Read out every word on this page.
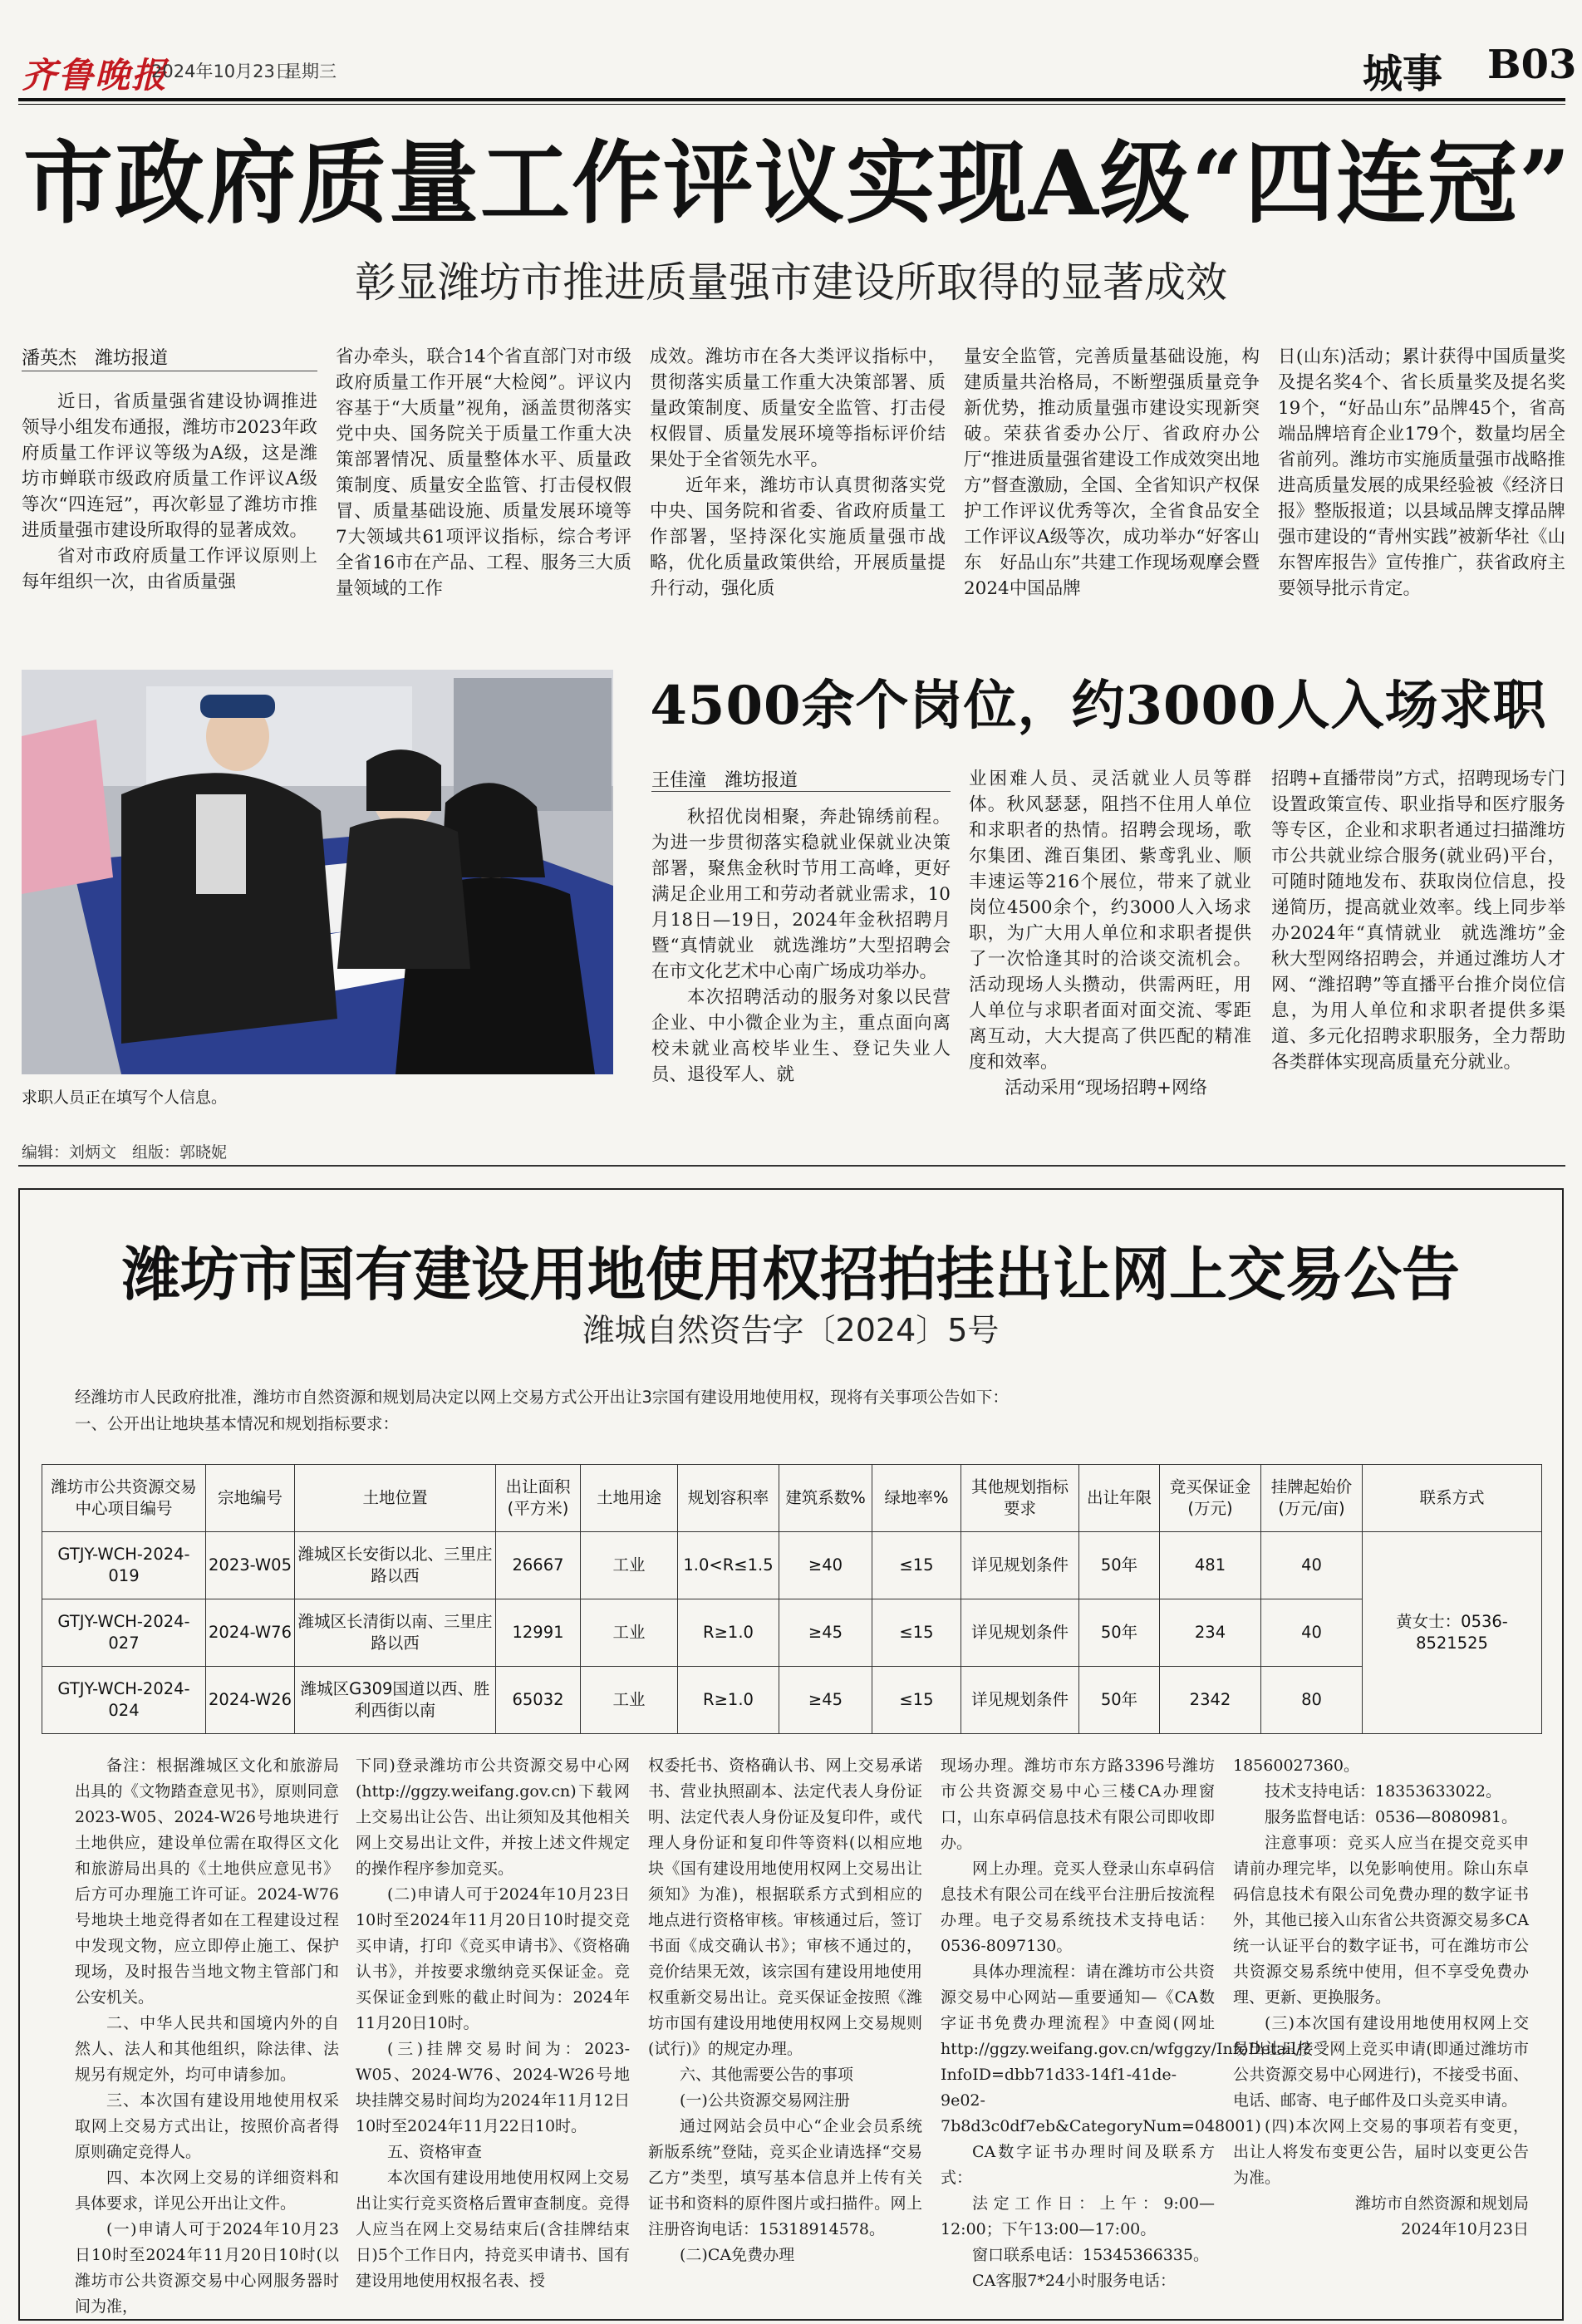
齐鲁晚报
2024年10月23日
星期三	城事 B03
市政府质量工作评议实现A级“四连冠”
彰显潍坊市推进质量强市建设所取得的显著成效
潘英杰　潍坊报道

近日，省质量强省建设协调推进领导小组发布通报，潍坊市2023年政府质量工作评议等级为A级，这是潍坊市蝉联市级政府质量工作评议A级等次“四连冠”，再次彰显了潍坊市推进质量强市建设所取得的显著成效。

省对市政府质量工作评议原则上每年组织一次，由省质量强

省办牵头，联合14个省直部门对市级政府质量工作开展“大检阅”。评议内容基于“大质量”视角，涵盖贯彻落实党中央、国务院关于质量工作重大决策部署情况、质量整体水平、质量政策制度、质量安全监管、打击侵权假冒、质量基础设施、质量发展环境等7大领域共61项评议指标，综合考评全省16市在产品、工程、服务三大质量领域的工作

成效。潍坊市在各大类评议指标中，贯彻落实质量工作重大决策部署、质量政策制度、质量安全监管、打击侵权假冒、质量发展环境等指标评价结果处于全省领先水平。

近年来，潍坊市认真贯彻落实党中央、国务院和省委、省政府质量工作部署，坚持深化实施质量强市战略，优化质量政策供给，开展质量提升行动，强化质

量安全监管，完善质量基础设施，构建质量共治格局，不断塑强质量竞争新优势，推动质量强市建设实现新突破。荣获省委办公厅、省政府办公厅“推进质量强省建设工作成效突出地方”督查激励，全国、全省知识产权保护工作评议优秀等次，全省食品安全工作评议A级等次，成功举办“好客山东　好品山东”共建工作现场观摩会暨2024中国品牌

日(山东)活动；累计获得中国质量奖及提名奖4个、省长质量奖及提名奖19个，“好品山东”品牌45个，省高端品牌培育企业179个，数量均居全省前列。潍坊市实施质量强市战略推进高质量发展的成果经验被《经济日报》整版报道；以县域品牌支撑品牌强市建设的“青州实践”被新华社《山东智库报告》宣传推广，获省政府主要领导批示肯定。

求职人员正在填写个人信息。
4500余个岗位，约3000人入场求职
王佳潼　潍坊报道

秋招优岗相聚，奔赴锦绣前程。为进一步贯彻落实稳就业保就业决策部署，聚焦金秋时节用工高峰，更好满足企业用工和劳动者就业需求，10月18日—19日，2024年金秋招聘月暨“真情就业　就选潍坊”大型招聘会在市文化艺术中心南广场成功举办。

本次招聘活动的服务对象以民营企业、中小微企业为主，重点面向离校未就业高校毕业生、登记失业人员、退役军人、就

业困难人员、灵活就业人员等群体。秋风瑟瑟，阻挡不住用人单位和求职者的热情。招聘会现场，歌尔集团、潍百集团、紫鸢乳业、顺丰速运等216个展位，带来了就业岗位4500余个，约3000人入场求职，为广大用人单位和求职者提供了一次恰逢其时的洽谈交流机会。活动现场人头攒动，供需两旺，用人单位与求职者面对面交流、零距离互动，大大提高了供匹配的精准度和效率。

活动采用“现场招聘+网络

招聘+直播带岗”方式，招聘现场专门设置政策宣传、职业指导和医疗服务等专区，企业和求职者通过扫描潍坊市公共就业综合服务(就业码)平台，可随时随地发布、获取岗位信息，投递简历，提高就业效率。线上同步举办2024年“真情就业　就选潍坊”金秋大型网络招聘会，并通过潍坊人才网、“潍招聘”等直播平台推介岗位信息，为用人单位和求职者提供多渠道、多元化招聘求职服务，全力帮助各类群体实现高质量充分就业。

编辑：刘炳文　组版：郭晓妮
潍坊市国有建设用地使用权招拍挂出让网上交易公告
潍城自然资告字〔2024〕5号
经潍坊市人民政府批准，潍坊市自然资源和规划局决定以网上交易方式公开出让3宗国有建设用地使用权，现将有关事项公告如下：
一、公开出让地块基本情况和规划指标要求：
潍坊市公共资源交易中心项目编号	宗地编号	土地位置	出让面积(平方米)	土地用途	规划容积率	建筑系数%	绿地率%	其他规划指标要求	出让年限	竞买保证金(万元)	挂牌起始价(万元/亩)	联系方式
GTJY-WCH-2024-019	2023-W05	潍城区长安街以北、三里庄路以西	26667	工业	1.0<R≤1.5	≥40	≤15	详见规划条件	50年	481	40	黄女士：0536-8521525
GTJY-WCH-2024-027	2024-W76	潍城区长清街以南、三里庄路以西	12991	工业	R≥1.0	≥45	≤15	详见规划条件	50年	234	40	
GTJY-WCH-2024-024	2024-W26	潍城区G309国道以西、胜利西街以南	65032	工业	R≥1.0	≥45	≤15	详见规划条件	50年	2342	80	

备注：根据潍城区文化和旅游局出具的《文物踏查意见书》，原则同意2023-W05、2024-W26号地块进行土地供应，建设单位需在取得区文化和旅游局出具的《土地供应意见书》后方可办理施工许可证。2024-W76号地块土地竞得者如在工程建设过程中发现文物，应立即停止施工、保护现场，及时报告当地文物主管部门和公安机关。

二、中华人民共和国境内外的自然人、法人和其他组织，除法律、法规另有规定外，均可申请参加。

三、本次国有建设用地使用权采取网上交易方式出让，按照价高者得原则确定竞得人。

四、本次网上交易的详细资料和具体要求，详见公开出让文件。

(一)申请人可于2024年10月23日10时至2024年11月20日10时(以潍坊市公共资源交易中心网服务器时间为准，

下同)登录潍坊市公共资源交易中心网(http://ggzy.weifang.gov.cn)下载网上交易出让公告、出让须知及其他相关网上交易出让文件，并按上述文件规定的操作程序参加竞买。

(二)申请人可于2024年10月23日10时至2024年11月20日10时提交竞买申请，打印《竞买申请书》、《资格确认书》，并按要求缴纳竞买保证金。竞买保证金到账的截止时间为：2024年11月20日10时。

(三)挂牌交易时间为：2023-W05、2024-W76、2024-W26号地块挂牌交易时间均为2024年11月12日10时至2024年11月22日10时。

五、资格审查

本次国有建设用地使用权网上交易出让实行竞买资格后置审查制度。竞得人应当在网上交易结束后(含挂牌结束日)5个工作日内，持竞买申请书、国有建设用地使用权报名表、授

权委托书、资格确认书、网上交易承诺书、营业执照副本、法定代表人身份证明、法定代表人身份证及复印件，或代理人身份证和复印件等资料(以相应地块《国有建设用地使用权网上交易出让须知》为准)，根据联系方式到相应的地点进行资格审核。审核通过后，签订书面《成交确认书》；审核不通过的，竞价结果无效，该宗国有建设用地使用权重新交易出让。竞买保证金按照《潍坊市国有建设用地使用权网上交易规则(试行)》的规定办理。

六、其他需要公告的事项

(一)公共资源交易网注册

通过网站会员中心“企业会员系统新版系统”登陆，竞买企业请选择“交易乙方”类型，填写基本信息并上传有关证书和资料的原件图片或扫描件。网上注册咨询电话：15318914578。

(二)CA免费办理

现场办理。潍坊市东方路3396号潍坊市公共资源交易中心三楼CA办理窗口，山东卓码信息技术有限公司即收即办。

网上办理。竞买人登录山东卓码信息技术有限公司在线平台注册后按流程办理。电子交易系统技术支持电话：0536-8097130。

具体办理流程：请在潍坊市公共资源交易中心网站—重要通知—《CA数字证书免费办理流程》中查阅(网址http://ggzy.weifang.gov.cn/wfggzy/InfoDetail/?InfoID=dbb71d33-14f1-41de-9e02-7b8d3c0df7eb&CategoryNum=048001)

CA数字证书办理时间及联系方式：

法定工作日：上午：9:00—12:00；下午13:00—17:00。

窗口联系电话：15345366335。

CA客服7*24小时服务电话：

18560027360。

技术支持电话：18353633022。

服务监督电话：0536—8080981。

注意事项：竞买人应当在提交竞买申请前办理完毕，以免影响使用。除山东卓码信息技术有限公司免费办理的数字证书外，其他已接入山东省公共资源交易多CA统一认证平台的数字证书，可在潍坊市公共资源交易系统中使用，但不享受免费办理、更新、更换服务。

(三)本次国有建设用地使用权网上交易出让只接受网上竞买申请(即通过潍坊市公共资源交易中心网进行)，不接受书面、电话、邮寄、电子邮件及口头竞买申请。

(四)本次网上交易的事项若有变更，出让人将发布变更公告，届时以变更公告为准。

潍坊市自然资源和规划局

2024年10月23日
